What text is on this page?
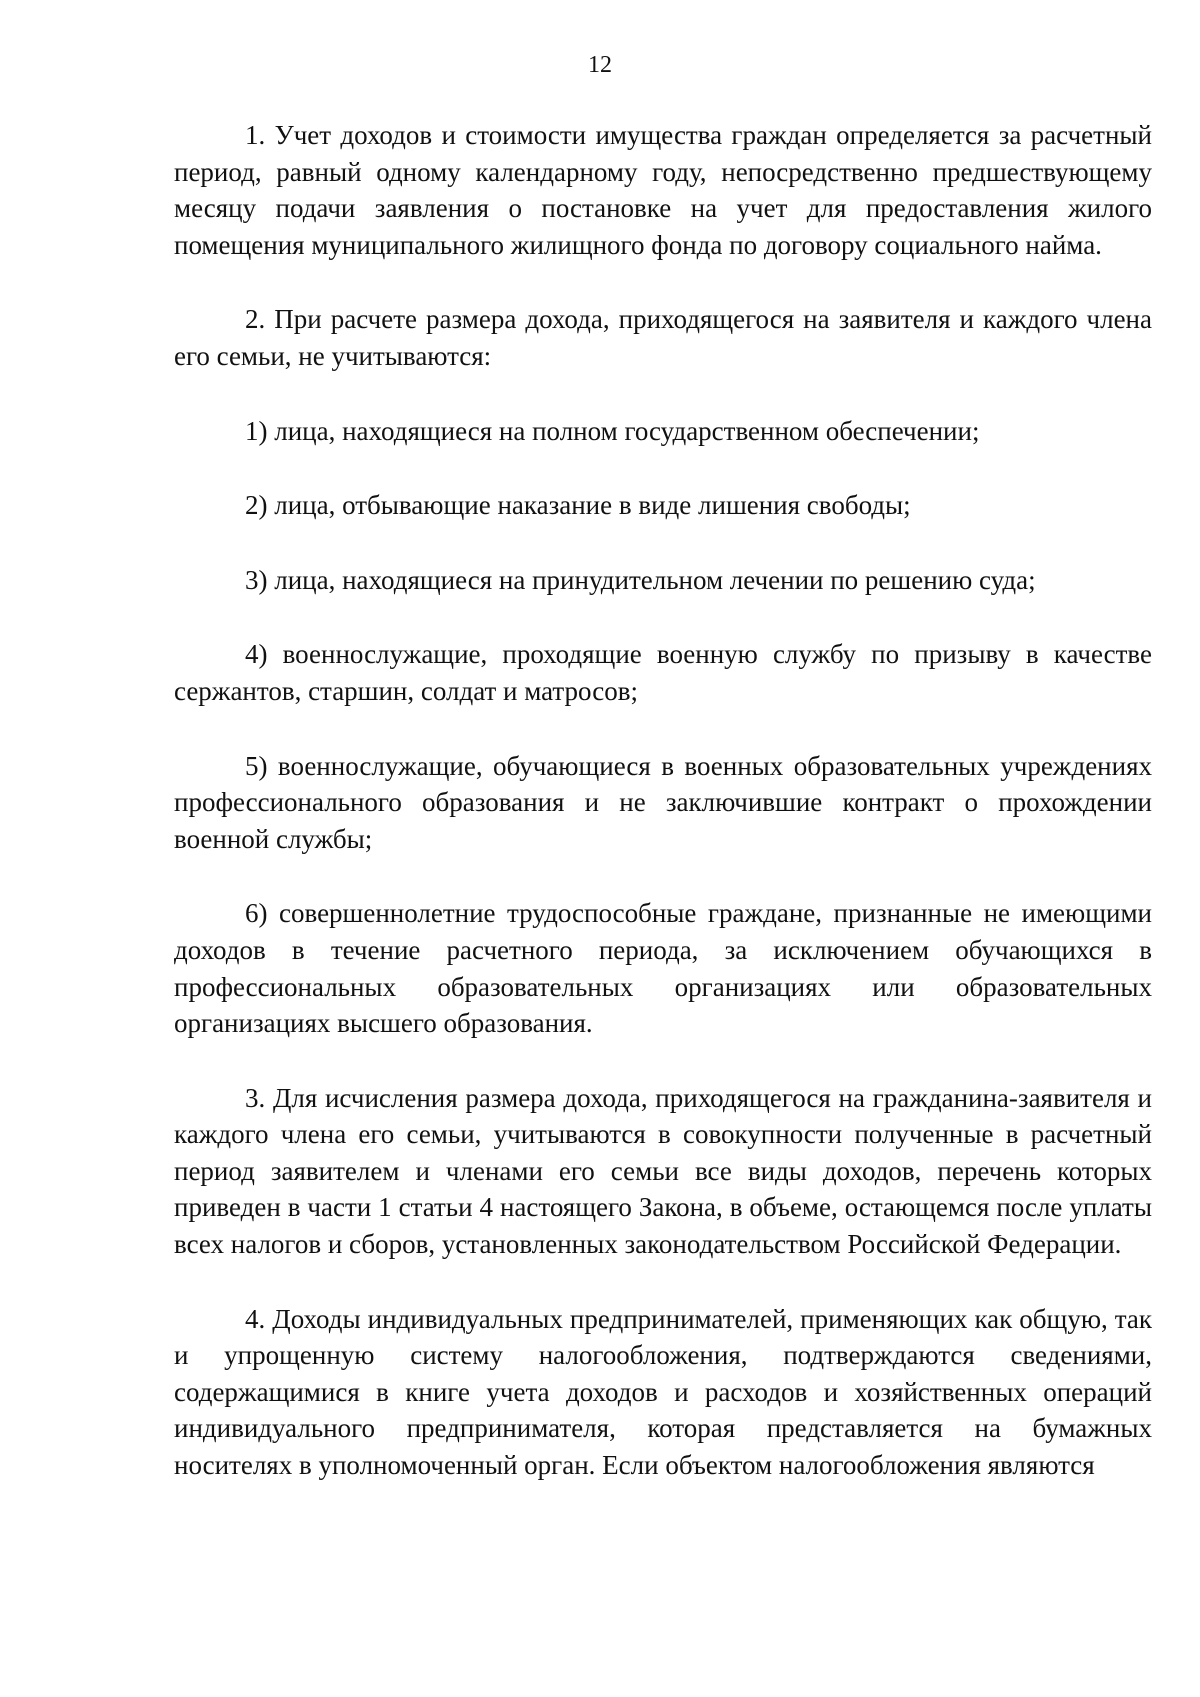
12

1. Учет доходов и стоимости имущества граждан определяется за расчетный период, равный одному календарному году, непосредственно предшествующему месяцу подачи заявления о постановке на учет для предоставления жилого помещения муниципального жилищного фонда по договору социального найма.

2. При расчете размера дохода, приходящегося на заявителя и каждого члена его семьи, не учитываются:

1) лица, находящиеся на полном государственном обеспечении;

2) лица, отбывающие наказание в виде лишения свободы;

3) лица, находящиеся на принудительном лечении по решению суда;

4) военнослужащие, проходящие военную службу по призыву в качестве сержантов, старшин, солдат и матросов;

5) военнослужащие, обучающиеся в военных образовательных учреждениях профессионального образования и не заключившие контракт о прохождении военной службы;

6) совершеннолетние трудоспособные граждане, признанные не имеющими доходов в течение расчетного периода, за исключением обучающихся в профессиональных образовательных организациях или образовательных организациях высшего образования.

3. Для исчисления размера дохода, приходящегося на гражданина-заявителя и каждого члена его семьи, учитываются в совокупности полученные в расчетный период заявителем и членами его семьи все виды доходов, перечень которых приведен в части 1 статьи 4 настоящего Закона, в объеме, остающемся после уплаты всех налогов и сборов, установленных законодательством Российской Федерации.

4. Доходы индивидуальных предпринимателей, применяющих как общую, так и упрощенную систему налогообложения, подтверждаются сведениями, содержащимися в книге учета доходов и расходов и хозяйственных операций индивидуального предпринимателя, которая представляется на бумажных носителях в уполномоченный орган. Если объектом налогообложения являются
